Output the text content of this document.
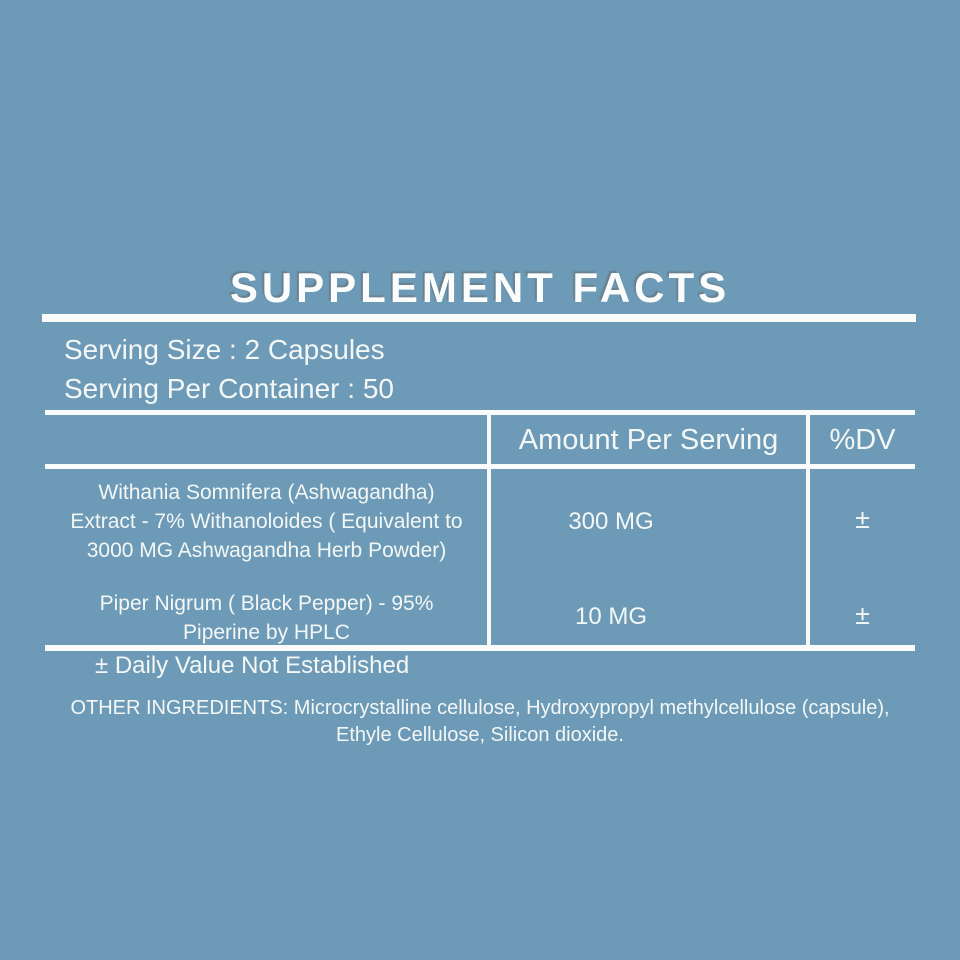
SUPPLEMENT FACTS
Serving Size : 2 Capsules
Serving Per Container : 50
Amount Per Serving	%DV
Withania Somnifera (Ashwagandha)
Extract - 7% Withanoloides ( Equivalent to
3000 MG Ashwagandha Herb Powder)
300 MG	±
Piper Nigrum ( Black Pepper) - 95%
Piperine by HPLC
10 MG	±
± Daily Value Not Established
OTHER INGREDIENTS: Microcrystalline cellulose, Hydroxypropyl methylcellulose (capsule),
Ethyle Cellulose, Silicon dioxide.
